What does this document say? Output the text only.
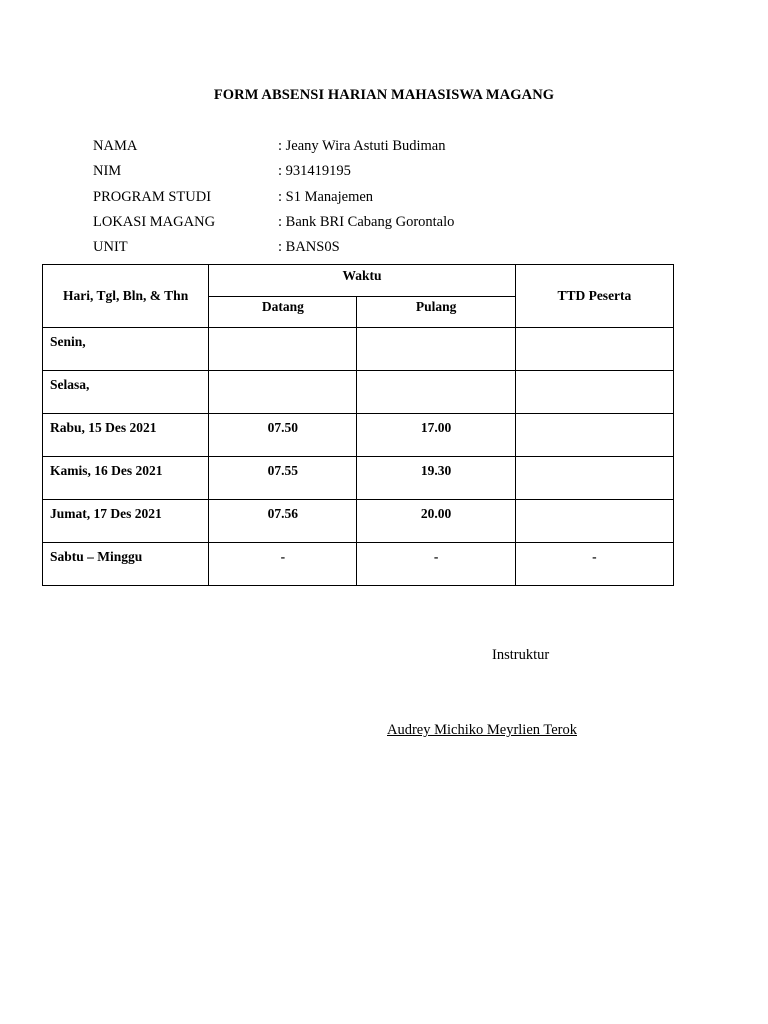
FORM ABSENSI HARIAN MAHASISWA MAGANG
NAMA	: Jeany Wira Astuti Budiman
NIM	: 931419195
PROGRAM STUDI	: S1 Manajemen
LOKASI MAGANG	: Bank BRI Cabang Gorontalo
UNIT	: BANS0S
Hari, Tgl, Bln, & Thn	Waktu		TTD Peserta
	Datang	Pulang	
Senin,			
Selasa,			
Rabu, 15 Des 2021	07.50	17.00	
Kamis, 16 Des 2021	07.55	19.30	
Jumat, 17 Des 2021	07.56	20.00	
Sabtu – Minggu	-	-	-
Instruktur
Audrey Michiko Meyrlien Terok
